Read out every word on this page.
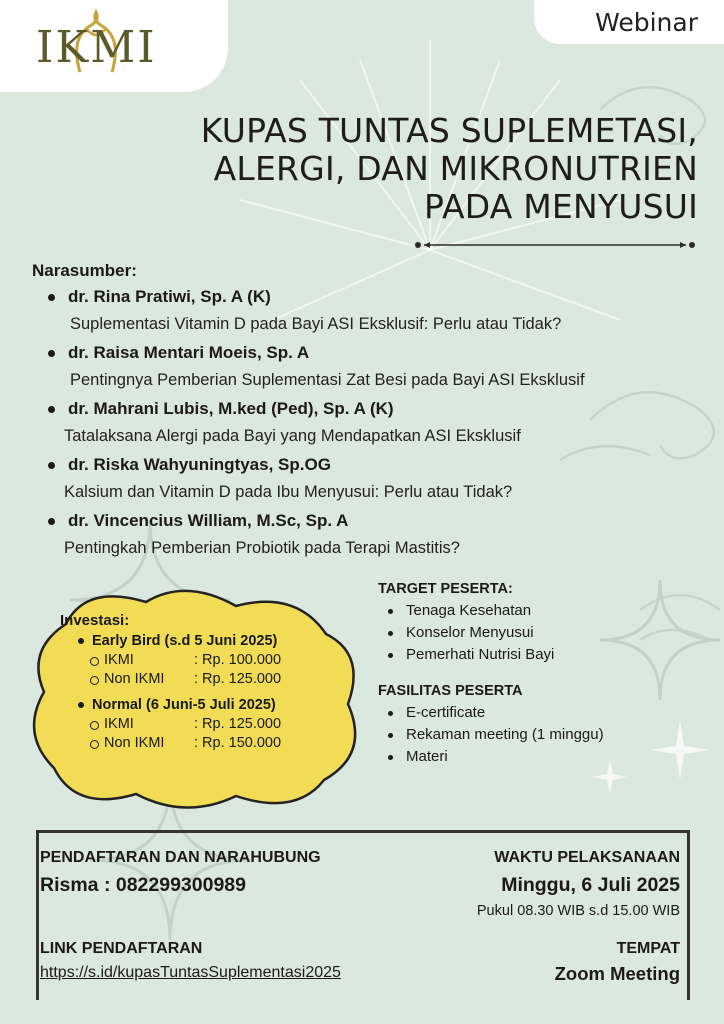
IKMI	Webinar
KUPAS TUNTAS SUPLEMETASI,
ALERGI, DAN MIKRONUTRIEN
PADA MENYUSUI
Narasumber:
dr. Rina Pratiwi, Sp. A (K)
Suplementasi Vitamin D pada Bayi ASI Eksklusif: Perlu atau Tidak?
dr. Raisa Mentari Moeis, Sp. A
Pentingnya Pemberian Suplementasi Zat Besi pada Bayi ASI Eksklusif
dr. Mahrani Lubis, M.ked (Ped), Sp. A (K)
Tatalaksana Alergi pada Bayi yang Mendapatkan ASI Eksklusif
dr. Riska Wahyuningtyas, Sp.OG
Kalsium dan Vitamin D pada Ibu Menyusui: Perlu atau Tidak?
dr. Vincencius William, M.Sc, Sp. A
Pentingkah Pemberian Probiotik pada Terapi Mastitis?
Investasi:
Early Bird (s.d 5 Juni 2025)
IKMI	: Rp. 100.000
Non IKMI	: Rp. 125.000
Normal (6 Juni-5 Juli 2025)
IKMI	: Rp. 125.000
Non IKMI	: Rp. 150.000
TARGET PESERTA:
Tenaga Kesehatan
Konselor Menyusui
Pemerhati Nutrisi Bayi
FASILITAS PESERTA
E-certificate
Rekaman meeting (1 minggu)
Materi
PENDAFTARAN DAN NARAHUBUNG
Risma : 082299300989
WAKTU PELAKSANAAN
Minggu, 6 Juli 2025
Pukul 08.30 WIB s.d 15.00 WIB
LINK PENDAFTARAN
https://s.id/kupasTuntasSuplementasi2025
TEMPAT
Zoom Meeting
